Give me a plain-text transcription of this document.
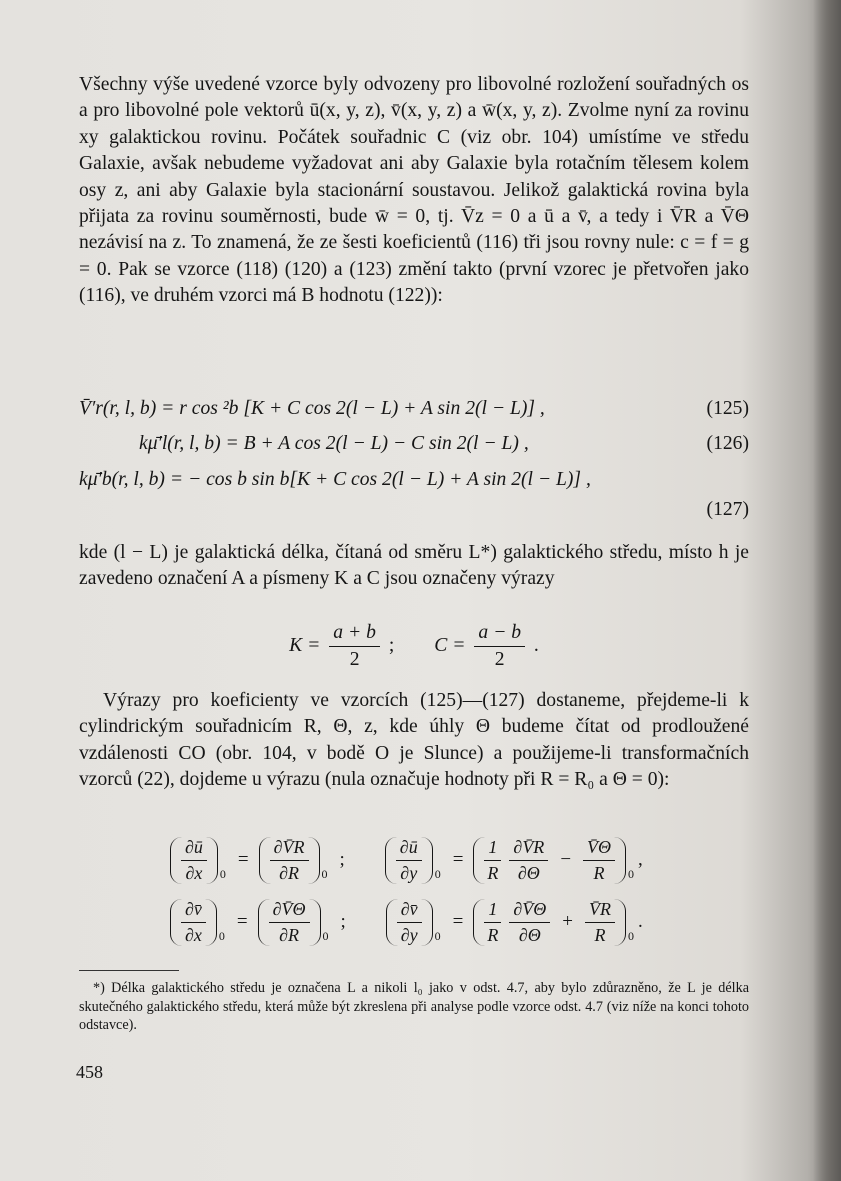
Všechny výše uvedené vzorce byly odvozeny pro libovolné rozložení souřadných os a pro libovolné pole vektorů ū(x, y, z), v̄(x, y, z) a w̄(x, y, z). Zvolme nyní za rovinu xy galaktickou rovinu. Počátek souřadnic C (viz obr. 104) umístíme ve středu Galaxie, avšak nebudeme vyžadovat ani aby Galaxie byla rotačním tělesem kolem osy z, ani aby Galaxie byla stacionární soustavou. Jelikož galaktická rovina byla přijata za rovinu souměrnosti, bude w̄ = 0, tj. V̄z = 0 a ū a v̄, a tedy i V̄R a V̄Θ nezávisí na z. To znamená, že ze šesti koeficientů (116) tři jsou rovny nule: c = f = g = 0. Pak se vzorce (118) (120) a (123) změní takto (první vzorec je přetvořen jako (116), ve druhém vzorci má B hodnotu (122)):

V̄′r(r, l, b) = r cos ²b [K + C cos 2(l − L) + A sin 2(l − L)] ,	(125)
kμ̄′l(r, l, b) = B + A cos 2(l − L) − C sin 2(l − L) ,	(126)
kμ̄′b(r, l, b) = − cos b sin b[K + C cos 2(l − L) + A sin 2(l − L)] ,
(127)

kde (l − L) je galaktická délka, čítaná od směru L*) galaktického středu, místo h je zavedeno označení A a písmeny K a C jsou označeny výrazy

$K = \frac{a + b}{2}$ ; $C = \frac{a - b}{2}$ .

Výrazy pro koeficienty ve vzorcích (125)—(127) dostaneme, přejdeme-li k cylindrickým souřadnicím R, Θ, z, kde úhly Θ budeme čítat od prodloužené vzdálenosti CO (obr. 104, v bodě O je Slunce) a použijeme-li transformačních vzorců (22), dojdeme u výrazu (nula označuje hodnoty při R = R₀ a Θ = 0):

$\frac{\partial ū}{\partial x} 0$
= $\frac{\partial V̄R}{\partial R} 0$
;	$\frac{\partial ū}{\partial y} 0$
= $\frac{1}{R} \frac{\partial V̄R}{\partial\Theta} - \frac{V̄\Theta}{R} 0$
,
$\frac{\partial v̄}{\partial x} 0$
= $\frac{\partial V̄\Theta}{\partial R} 0$
;	$\frac{\partial v̄}{\partial y} 0$
= $\frac{1}{R} \frac{\partial V̄\Theta}{\partial\Theta} + \frac{V̄R}{R} 0$
.
*) Délka galaktického středu je označena L a nikoli l₀ jako v odst. 4.7, aby bylo zdůrazněno, že L je délka skutečného galaktického středu, která může být zkreslena při analyse podle vzorce odst. 4.7 (viz níže na konci tohoto odstavce).
458
